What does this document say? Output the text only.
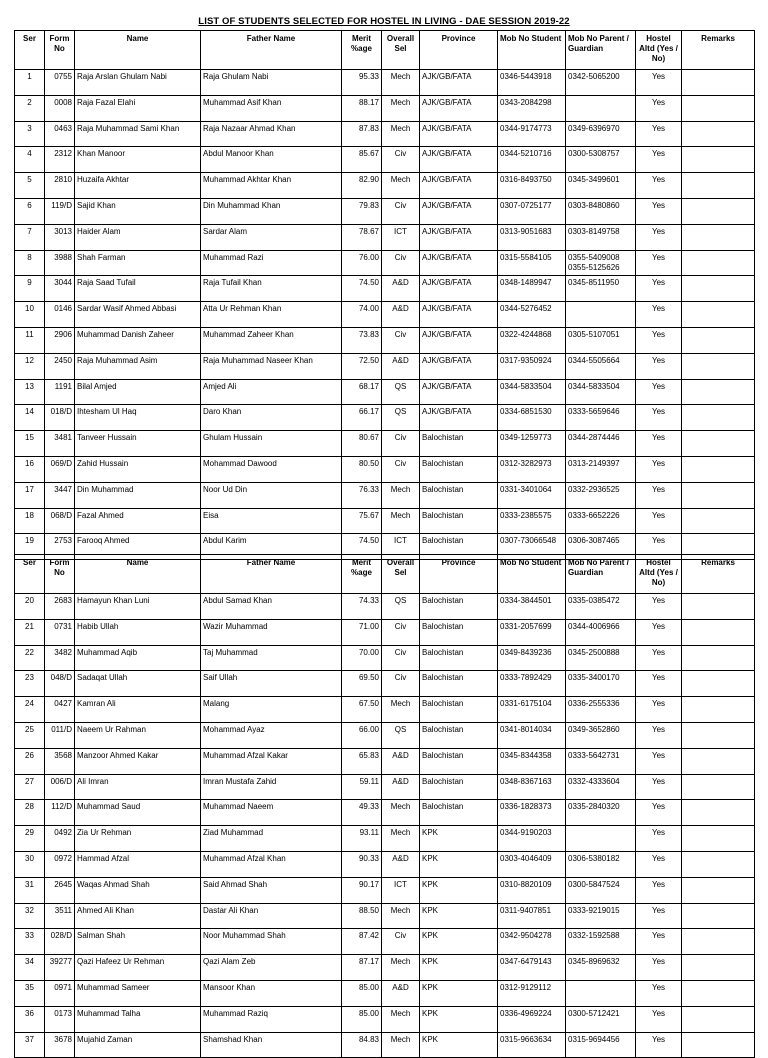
LIST OF STUDENTS SELECTED FOR HOSTEL IN LIVING - DAE SESSION 2019-22
Ser	Form No	Name	Father Name	Merit %age	Overall Sel	Province	Mob No Student	Mob No Parent / Guardian	Hostel Altd (Yes / No)	Remarks
1	0755	Raja Arslan Ghulam Nabi	Raja Ghulam Nabi	95.33	Mech	AJK/GB/FATA	0346-5443918	0342-5065200	Yes	
2	0008	Raja Fazal Elahi	Muhammad Asif Khan	88.17	Mech	AJK/GB/FATA	0343-2084298		Yes	
3	0463	Raja Muhammad Sami Khan	Raja Nazaar Ahmad Khan	87.83	Mech	AJK/GB/FATA	0344-9174773	0349-6396970	Yes	
4	2312	Khan Manoor	Abdul Manoor Khan	85.67	Civ	AJK/GB/FATA	0344-5210716	0300-5308757	Yes	
5	2810	Huzaifa Akhtar	Muhammad Akhtar Khan	82.90	Mech	AJK/GB/FATA	0316-8493750	0345-3499601	Yes	
6	119/D	Sajid Khan	Din Muhammad Khan	79.83	Civ	AJK/GB/FATA	0307-0725177	0303-8480860	Yes	
7	3013	Haider Alam	Sardar Alam	78.67	ICT	AJK/GB/FATA	0313-9051683	0303-8149758	Yes	
8	3988	Shah Farman	Muhammad Razi	76.00	Civ	AJK/GB/FATA	0315-5584105	0355-5409008 0355-5125626	Yes	
9	3044	Raja Saad Tufail	Raja Tufail Khan	74.50	A&D	AJK/GB/FATA	0348-1489947	0345-8511950	Yes	
10	0146	Sardar Wasif Ahmed Abbasi	Atta Ur Rehman Khan	74.00	A&D	AJK/GB/FATA	0344-5276452		Yes	
11	2906	Muhammad Danish Zaheer	Muhammad Zaheer Khan	73.83	Civ	AJK/GB/FATA	0322-4244868	0305-5107051	Yes	
12	2450	Raja Muhammad Asim	Raja Muhammad Naseer Khan	72.50	A&D	AJK/GB/FATA	0317-9350924	0344-5505664	Yes	
13	1191	Bilal Amjed	Amjed Ali	68.17	QS	AJK/GB/FATA	0344-5833504	0344-5833504	Yes	
14	018/D	Ihtesham Ul Haq	Daro Khan	66.17	QS	AJK/GB/FATA	0334-6851530	0333-5659646	Yes	
15	3481	Tanveer Hussain	Ghulam Hussain	80.67	Civ	Balochistan	0349-1259773	0344-2874446	Yes	
16	069/D	Zahid Hussain	Mohammad Dawood	80.50	Civ	Balochistan	0312-3282973	0313-2149397	Yes	
17	3447	Din Muhammad	Noor Ud Din	76.33	Mech	Balochistan	0331-3401064	0332-2936525	Yes	
18	068/D	Fazal Ahmed	Eisa	75.67	Mech	Balochistan	0333-2385575	0333-6652226	Yes	
19	2753	Farooq Ahmed	Abdul Karim	74.50	ICT	Balochistan	0307-73066548	0306-3087465	Yes	
Ser	Form No	Name	Father Name	Merit %age	Overall Sel	Province	Mob No Student	Mob No Parent / Guardian	Hostel Altd (Yes / No)	Remarks
20	2683	Hamayun Khan Luni	Abdul Samad Khan	74.33	QS	Balochistan	0334-3844501	0335-0385472	Yes	
21	0731	Habib Ullah	Wazir Muhammad	71.00	Civ	Balochistan	0331-2057699	0344-4006966	Yes	
22	3482	Muhammad Aqib	Taj Muhammad	70.00	Civ	Balochistan	0349-8439236	0345-2500888	Yes	
23	048/D	Sadaqat Ullah	Saif Ullah	69.50	Civ	Balochistan	0333-7892429	0335-3400170	Yes	
24	0427	Kamran Ali	Malang	67.50	Mech	Balochistan	0331-6175104	0336-2555336	Yes	
25	011/D	Naeem Ur Rahman	Mohammad Ayaz	66.00	QS	Balochistan	0341-8014034	0349-3652860	Yes	
26	3568	Manzoor Ahmed Kakar	Muhammad Afzal Kakar	65.83	A&D	Balochistan	0345-8344358	0333-5642731	Yes	
27	006/D	Ali Imran	Imran Mustafa Zahid	59.11	A&D	Balochistan	0348-8367163	0332-4333604	Yes	
28	112/D	Muhammad Saud	Muhammad Naeem	49.33	Mech	Balochistan	0336-1828373	0335-2840320	Yes	
29	0492	Zia Ur Rehman	Ziad Muhammad	93.11	Mech	KPK	0344-9190203		Yes	
30	0972	Hammad Afzal	Muhammad Afzal Khan	90.33	A&D	KPK	0303-4046409	0306-5380182	Yes	
31	2645	Waqas Ahmad Shah	Said Ahmad Shah	90.17	ICT	KPK	0310-8820109	0300-5847524	Yes	
32	3511	Ahmed Ali Khan	Dastar Ali Khan	88.50	Mech	KPK	0311-9407851	0333-9219015	Yes	
33	028/D	Salman Shah	Noor Muhammad Shah	87.42	Civ	KPK	0342-9504278	0332-1592588	Yes	
34	39277	Qazi Hafeez Ur Rehman	Qazi Alam Zeb	87.17	Mech	KPK	0347-6479143	0345-8969632	Yes	
35	0971	Muhammad Sameer	Mansoor Khan	85.00	A&D	KPK	0312-9129112		Yes	
36	0173	Muhammad Talha	Muhammad Raziq	85.00	Mech	KPK	0336-4969224	0300-5712421	Yes	
37	3678	Mujahid Zaman	Shamshad Khan	84.83	Mech	KPK	0315-9663634	0315-9694456	Yes	
